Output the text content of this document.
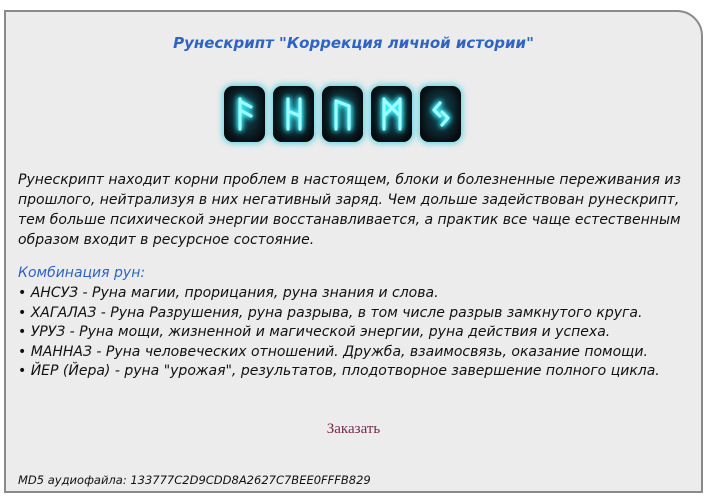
Рунескрипт "Коррекция личной истории"
Рунескрипт находит корни проблем в настоящем, блоки и болезненные переживания из прошлого, нейтрализуя в них негативный заряд. Чем дольше задействован рунескрипт, тем больше психической энергии восстанавливается, а практик все чаще естественным образом входит в ресурсное состояние.
Комбинация рун:
• АНСУЗ - Руна магии, прорицания, руна знания и слова.
• ХАГАЛАЗ - Руна Разрушения, руна разрыва, в том числе разрыв замкнутого круга.
• УРУЗ - Руна мощи, жизненной и магической энергии, руна действия и успеха.
• МАННАЗ - Руна человеческих отношений. Дружба, взаимосвязь, оказание помощи.
• ЙЕР (Йера) - руна "урожая", результатов, плодотворное завершение полного цикла.
Заказать
MD5 аудиофайла: 133777C2D9CDD8A2627C7BEE0FFFB829
